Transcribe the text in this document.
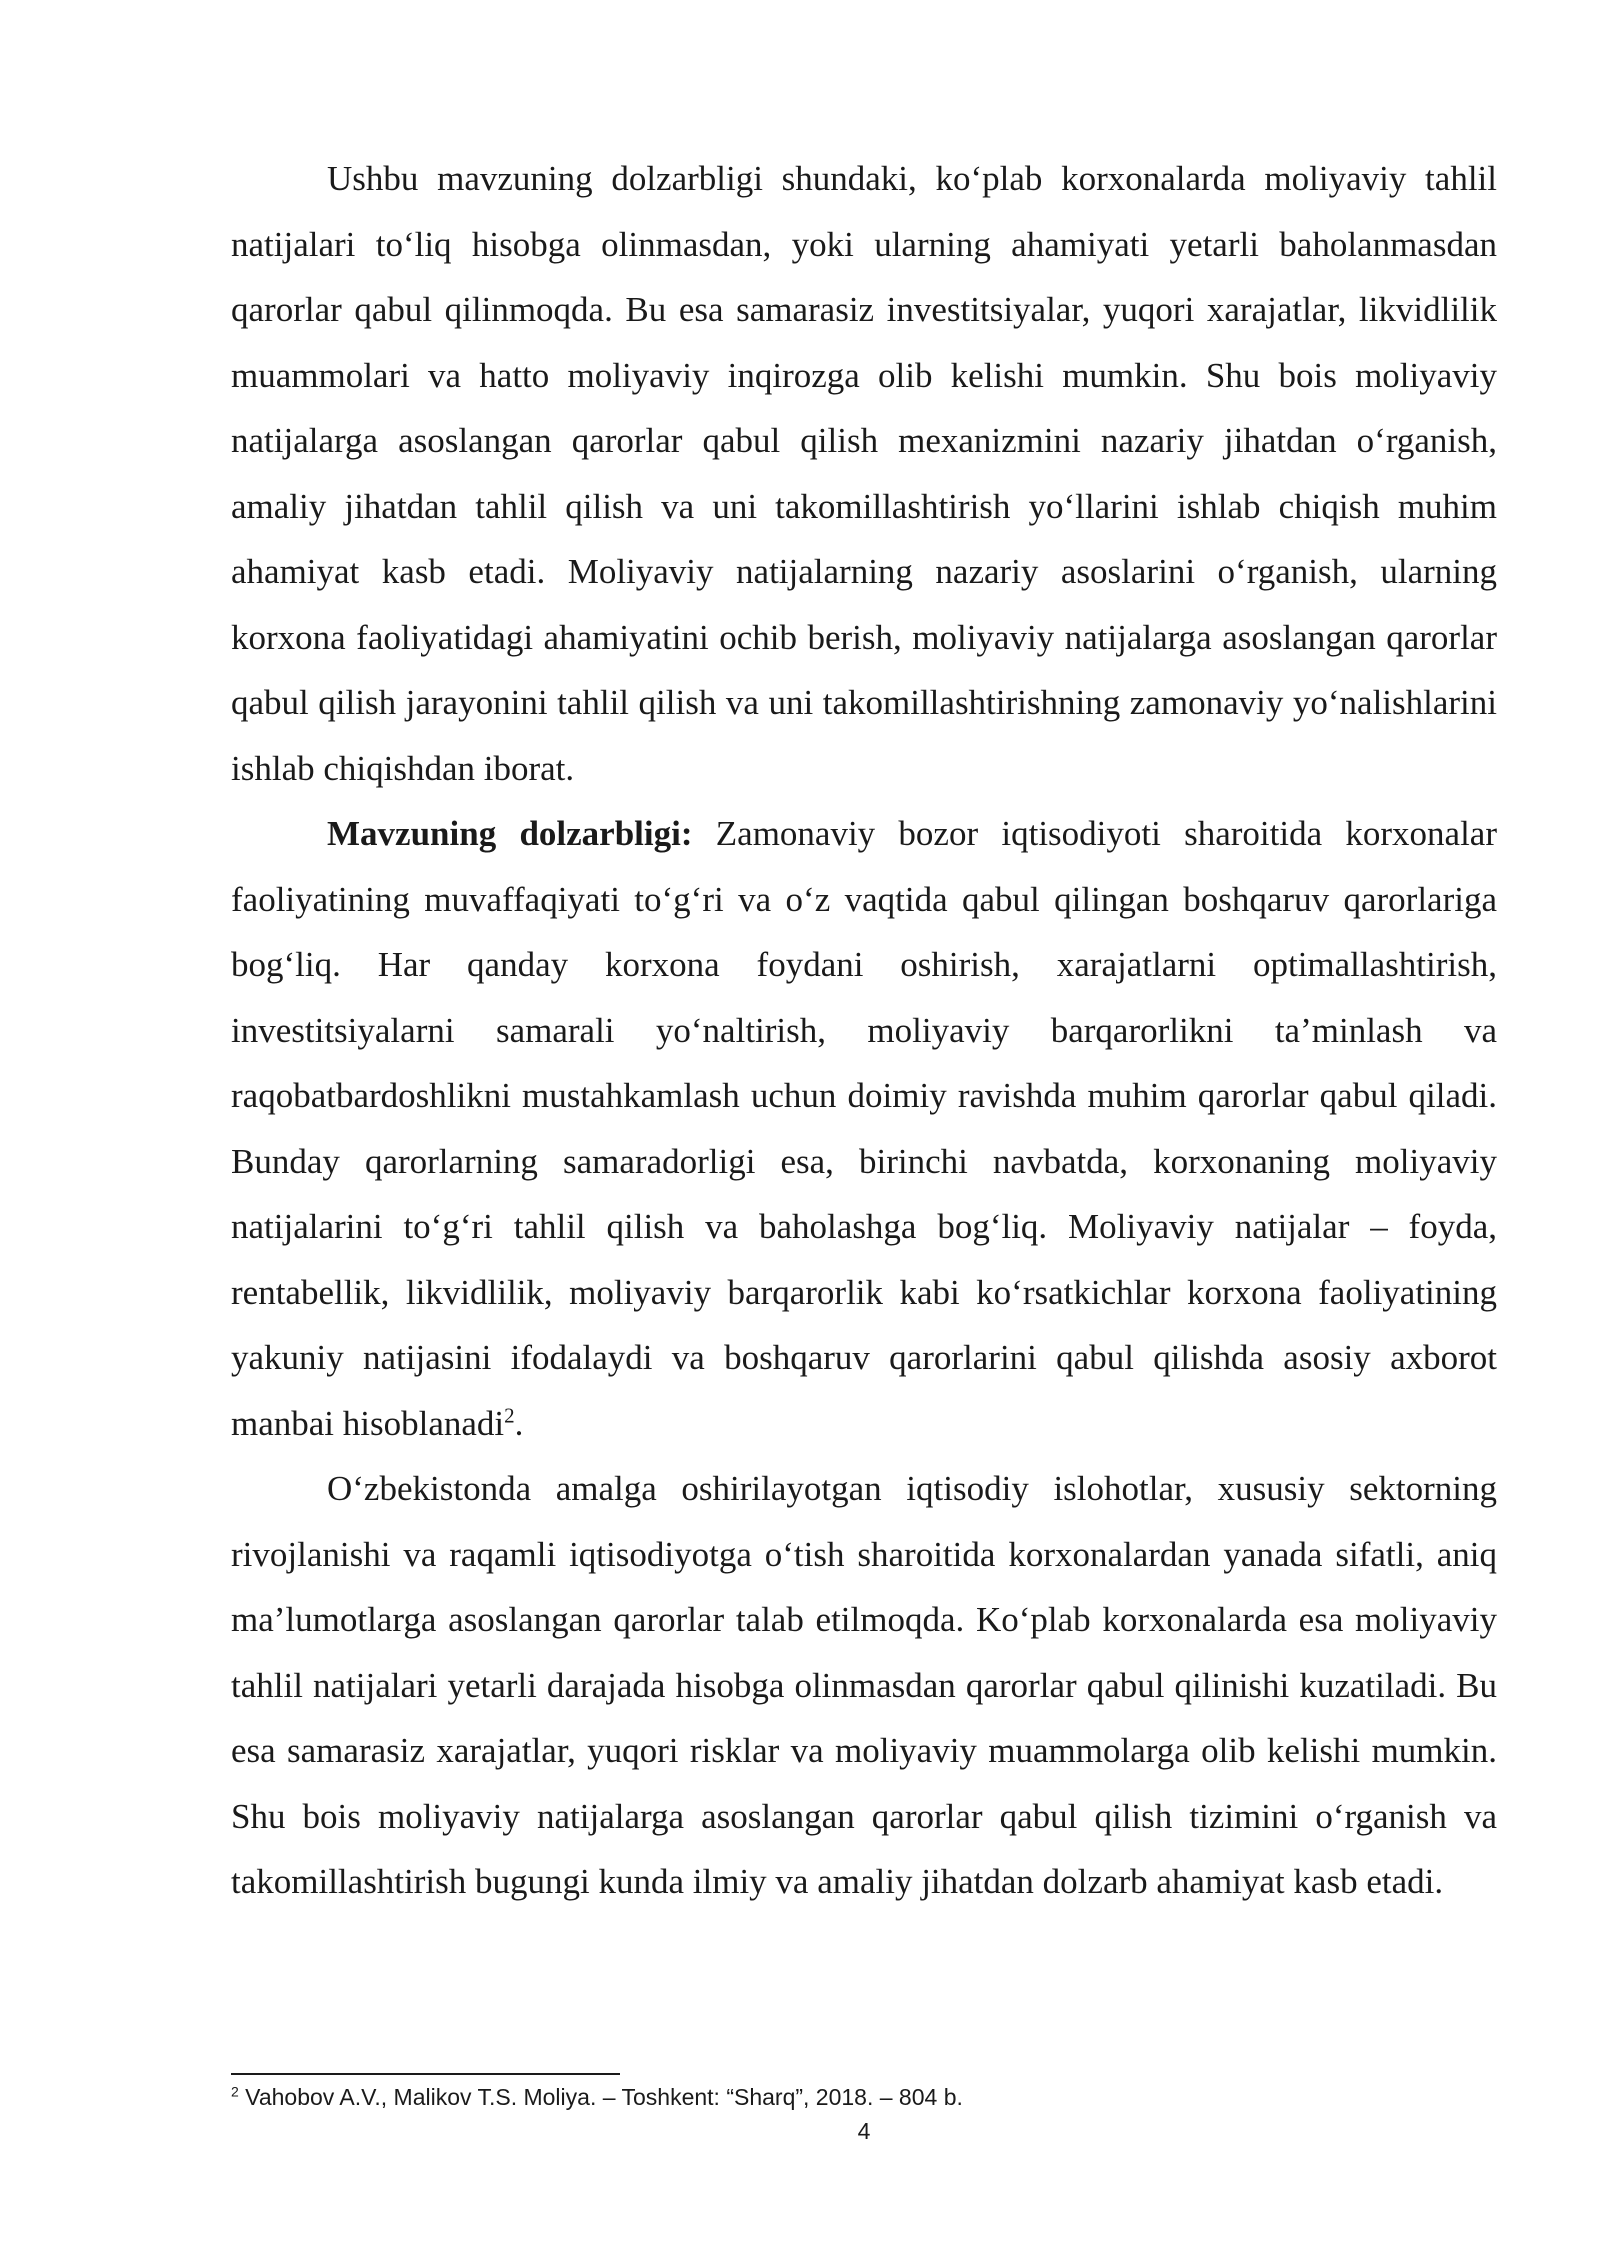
Ushbu mavzuning dolzarbligi shundaki, ko‘plab korxonalarda moliyaviy tahlil natijalari to‘liq hisobga olinmasdan, yoki ularning ahamiyati yetarli baholanmasdan qarorlar qabul qilinmoqda. Bu esa samarasiz investitsiyalar, yuqori xarajatlar, likvidlilik muammolari va hatto moliyaviy inqirozga olib kelishi mumkin. Shu bois moliyaviy natijalarga asoslangan qarorlar qabul qilish mexanizmini nazariy jihatdan o‘rganish, amaliy jihatdan tahlil qilish va uni takomillashtirish yo‘llarini ishlab chiqish muhim ahamiyat kasb etadi. Moliyaviy natijalarning nazariy asoslarini o‘rganish, ularning korxona faoliyatidagi ahamiyatini ochib berish, moliyaviy natijalarga asoslangan qarorlar qabul qilish jarayonini tahlil qilish va uni takomillashtirishning zamonaviy yo‘nalishlarini ishlab chiqishdan iborat.

Mavzuning dolzarbligi: Zamonaviy bozor iqtisodiyoti sharoitida korxonalar faoliyatining muvaffaqiyati to‘g‘ri va o‘z vaqtida qabul qilingan boshqaruv qarorlariga bog‘liq. Har qanday korxona foydani oshirish, xarajatlarni optimallashtirish, investitsiyalarni samarali yo‘naltirish, moliyaviy barqarorlikni ta’minlash va raqobatbardoshlikni mustahkamlash uchun doimiy ravishda muhim qarorlar qabul qiladi. Bunday qarorlarning samaradorligi esa, birinchi navbatda, korxonaning moliyaviy natijalarini to‘g‘ri tahlil qilish va baholashga bog‘liq. Moliyaviy natijalar – foyda, rentabellik, likvidlilik, moliyaviy barqarorlik kabi ko‘rsatkichlar korxona faoliyatining yakuniy natijasini ifodalaydi va boshqaruv qarorlarini qabul qilishda asosiy axborot manbai hisoblanadi$^2$.

O‘zbekistonda amalga oshirilayotgan iqtisodiy islohotlar, xususiy sektorning rivojlanishi va raqamli iqtisodiyotga o‘tish sharoitida korxonalardan yanada sifatli, aniq ma’lumotlarga asoslangan qarorlar talab etilmoqda. Ko‘plab korxonalarda esa moliyaviy tahlil natijalari yetarli darajada hisobga olinmasdan qarorlar qabul qilinishi kuzatiladi. Bu esa samarasiz xarajatlar, yuqori risklar va moliyaviy muammolarga olib kelishi mumkin. Shu bois moliyaviy natijalarga asoslangan qarorlar qabul qilish tizimini o‘rganish va takomillashtirish bugungi kunda ilmiy va amaliy jihatdan dolzarb ahamiyat kasb etadi.

$^2$ Vahobov A.V., Malikov T.S. Moliya. – Toshkent: “Sharq”, 2018. – 804 b.
4
